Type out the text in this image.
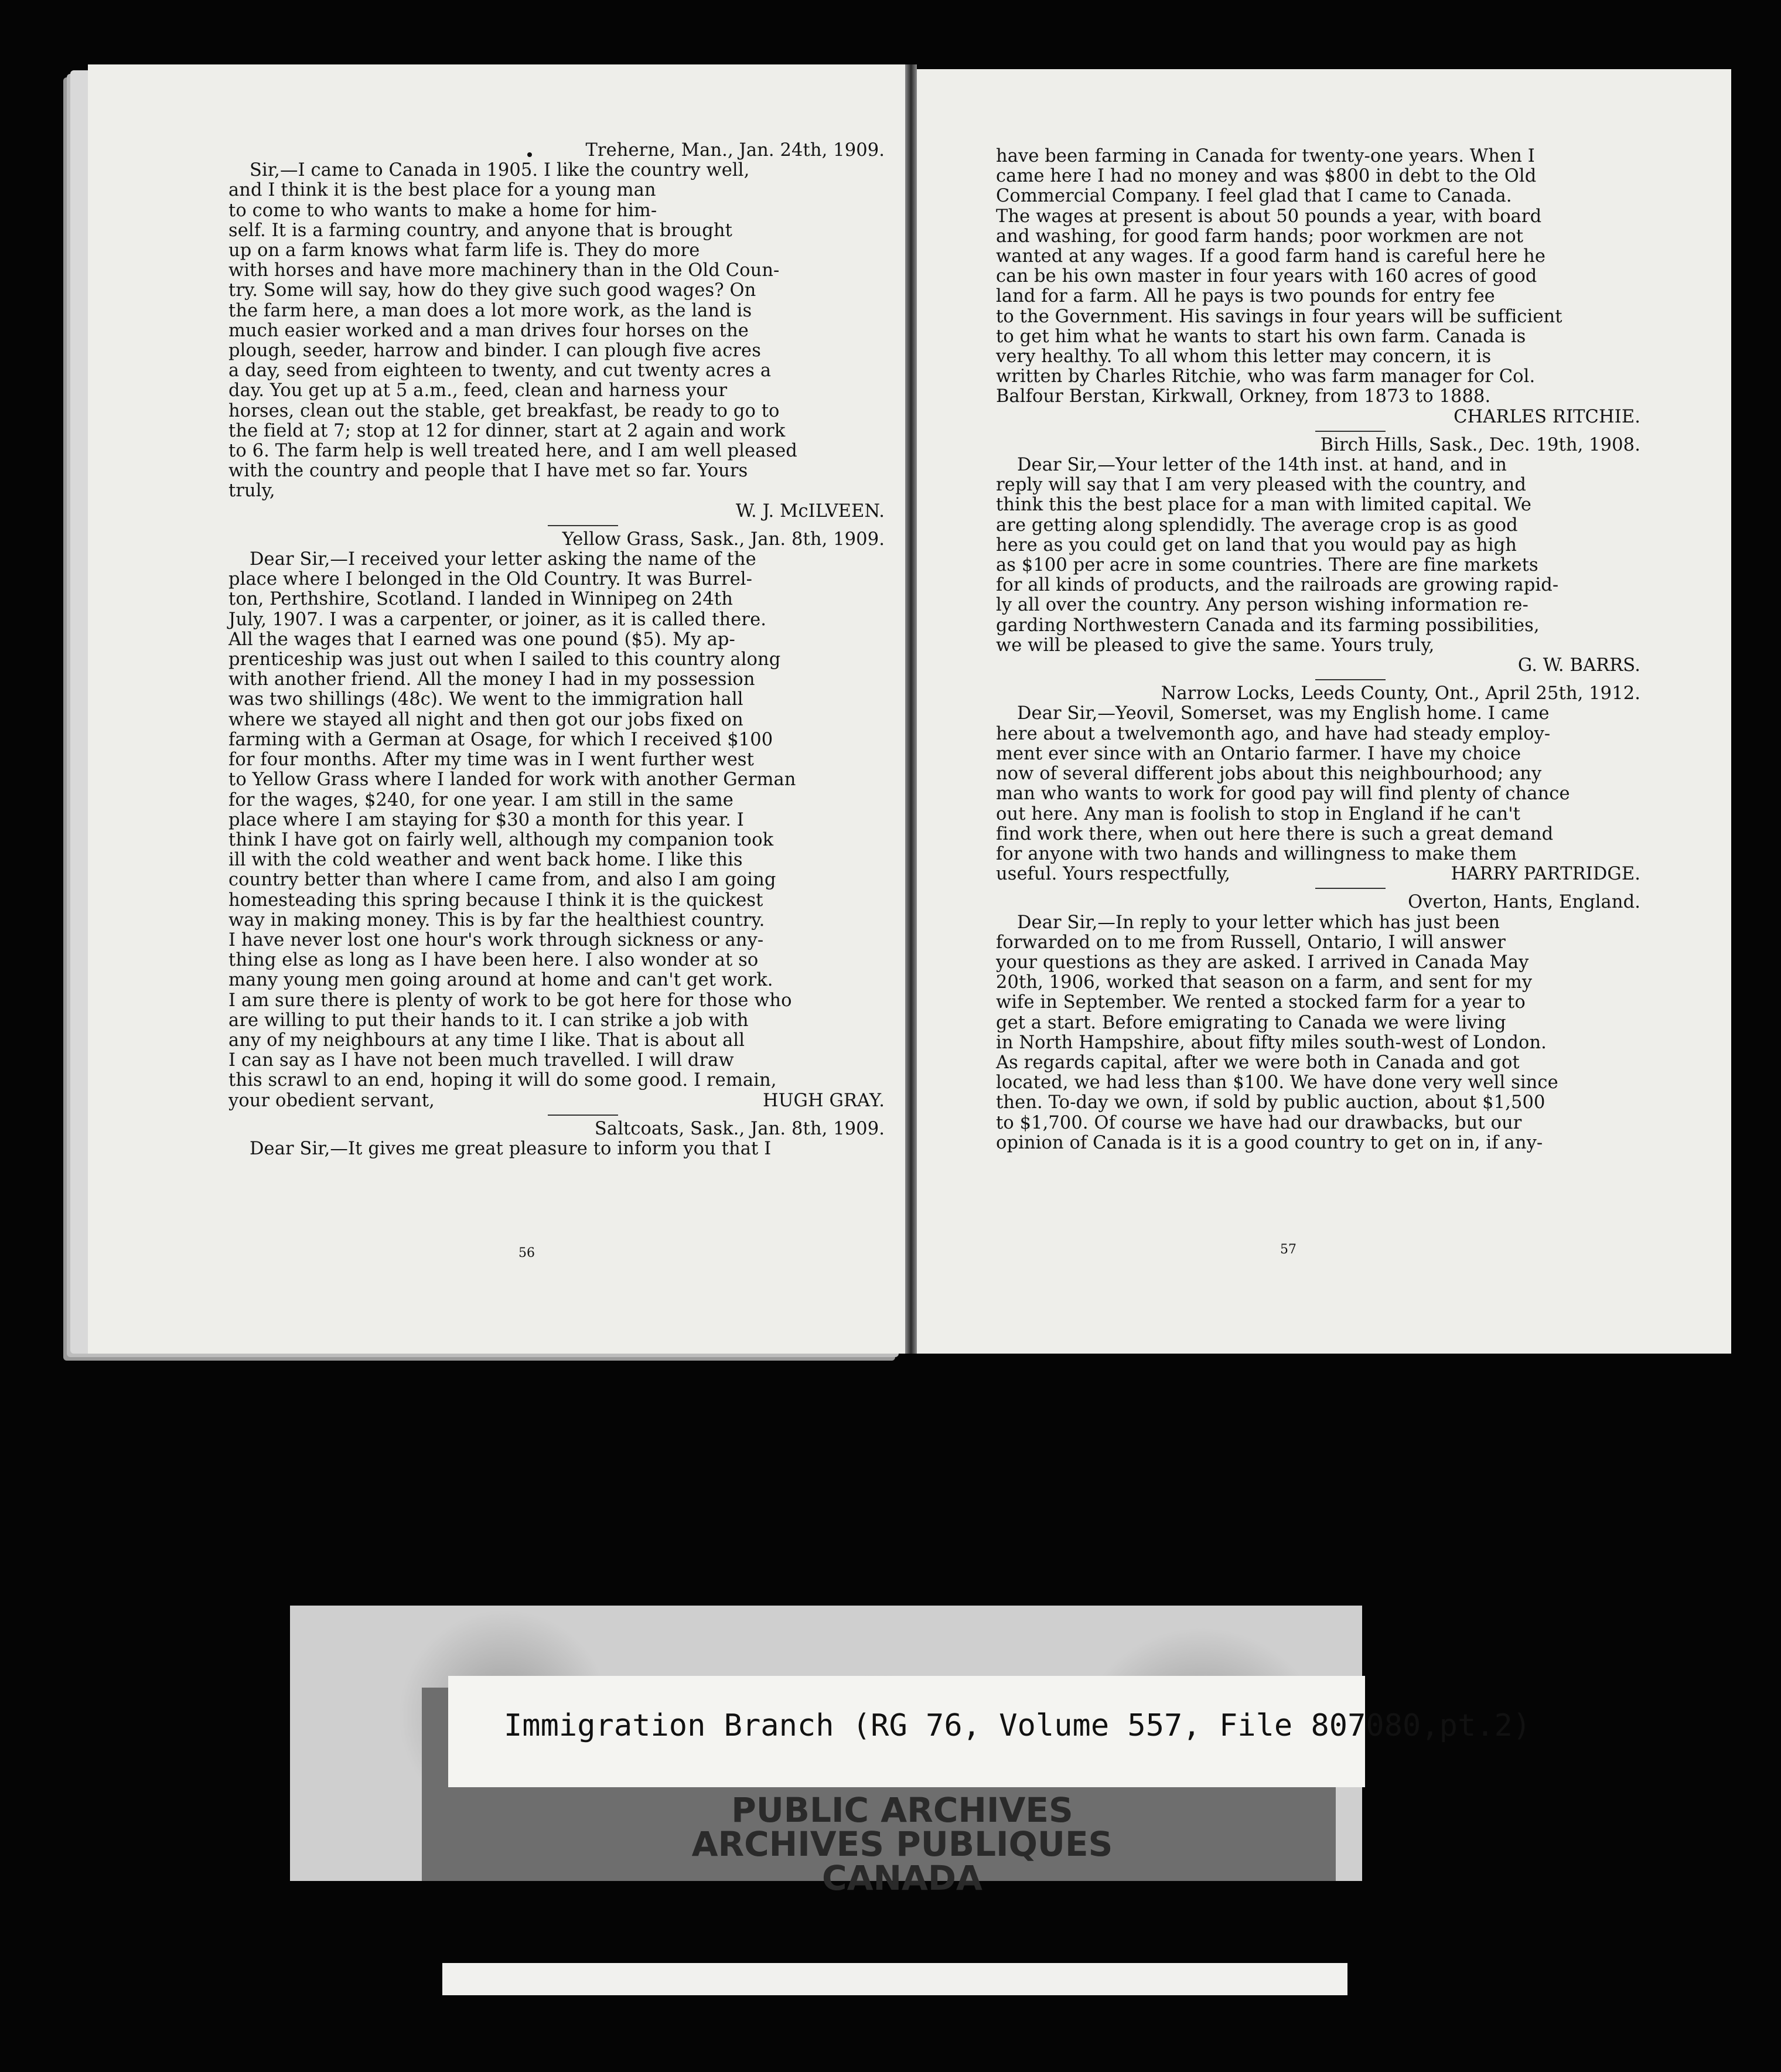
Treherne, Man., Jan. 24th, 1909.
Sir,—I came to Canada in 1905. I like the country well,
and I think it is the best place for a young man
to come to who wants to make a home for him-
self. It is a farming country, and anyone that is brought
up on a farm knows what farm life is. They do more
with horses and have more machinery than in the Old Coun-
try. Some will say, how do they give such good wages? On
the farm here, a man does a lot more work, as the land is
much easier worked and a man drives four horses on the
plough, seeder, harrow and binder. I can plough five acres
a day, seed from eighteen to twenty, and cut twenty acres a
day. You get up at 5 a.m., feed, clean and harness your
horses, clean out the stable, get breakfast, be ready to go to
the field at 7; stop at 12 for dinner, start at 2 again and work
to 6. The farm help is well treated here, and I am well pleased
with the country and people that I have met so far. Yours
truly,
W. J. McILVEEN.
Yellow Grass, Sask., Jan. 8th, 1909.
Dear Sir,—I received your letter asking the name of the
place where I belonged in the Old Country. It was Burrel-
ton, Perthshire, Scotland. I landed in Winnipeg on 24th
July, 1907. I was a carpenter, or joiner, as it is called there.
All the wages that I earned was one pound ($5). My ap-
prenticeship was just out when I sailed to this country along
with another friend. All the money I had in my possession
was two shillings (48c). We went to the immigration hall
where we stayed all night and then got our jobs fixed on
farming with a German at Osage, for which I received $100
for four months. After my time was in I went further west
to Yellow Grass where I landed for work with another German
for the wages, $240, for one year. I am still in the same
place where I am staying for $30 a month for this year. I
think I have got on fairly well, although my companion took
ill with the cold weather and went back home. I like this
country better than where I came from, and also I am going
homesteading this spring because I think it is the quickest
way in making money. This is by far the healthiest country.
I have never lost one hour's work through sickness or any-
thing else as long as I have been here. I also wonder at so
many young men going around at home and can't get work.
I am sure there is plenty of work to be got here for those who
are willing to put their hands to it. I can strike a job with
any of my neighbours at any time I like. That is about all
I can say as I have not been much travelled. I will draw
this scrawl to an end, hoping it will do some good. I remain,
your obedient servant,	HUGH GRAY.
Saltcoats, Sask., Jan. 8th, 1909.
Dear Sir,—It gives me great pleasure to inform you that I
56
have been farming in Canada for twenty-one years. When I
came here I had no money and was $800 in debt to the Old
Commercial Company. I feel glad that I came to Canada.
The wages at present is about 50 pounds a year, with board
and washing, for good farm hands; poor workmen are not
wanted at any wages. If a good farm hand is careful here he
can be his own master in four years with 160 acres of good
land for a farm. All he pays is two pounds for entry fee
to the Government. His savings in four years will be sufficient
to get him what he wants to start his own farm. Canada is
very healthy. To all whom this letter may concern, it is
written by Charles Ritchie, who was farm manager for Col.
Balfour Berstan, Kirkwall, Orkney, from 1873 to 1888.
CHARLES RITCHIE.
Birch Hills, Sask., Dec. 19th, 1908.
Dear Sir,—Your letter of the 14th inst. at hand, and in
reply will say that I am very pleased with the country, and
think this the best place for a man with limited capital. We
are getting along splendidly. The average crop is as good
here as you could get on land that you would pay as high
as $100 per acre in some countries. There are fine markets
for all kinds of products, and the railroads are growing rapid-
ly all over the country. Any person wishing information re-
garding Northwestern Canada and its farming possibilities,
we will be pleased to give the same. Yours truly,
G. W. BARRS.
Narrow Locks, Leeds County, Ont., April 25th, 1912.
Dear Sir,—Yeovil, Somerset, was my English home. I came
here about a twelvemonth ago, and have had steady employ-
ment ever since with an Ontario farmer. I have my choice
now of several different jobs about this neighbourhood; any
man who wants to work for good pay will find plenty of chance
out here. Any man is foolish to stop in England if he can't
find work there, when out here there is such a great demand
for anyone with two hands and willingness to make them
useful. Yours respectfully,	HARRY PARTRIDGE.
Overton, Hants, England.
Dear Sir,—In reply to your letter which has just been
forwarded on to me from Russell, Ontario, I will answer
your questions as they are asked. I arrived in Canada May
20th, 1906, worked that season on a farm, and sent for my
wife in September. We rented a stocked farm for a year to
get a start. Before emigrating to Canada we were living
in North Hampshire, about fifty miles south-west of London.
As regards capital, after we were both in Canada and got
located, we had less than $100. We have done very well since
then. To-day we own, if sold by public auction, about $1,500
to $1,700. Of course we have had our drawbacks, but our
opinion of Canada is it is a good country to get on in, if any-
57
Immigration Branch (RG 76, Volume 557, File 807080,pt.2)
PUBLIC ARCHIVES
ARCHIVES PUBLIQUES
CANADA
